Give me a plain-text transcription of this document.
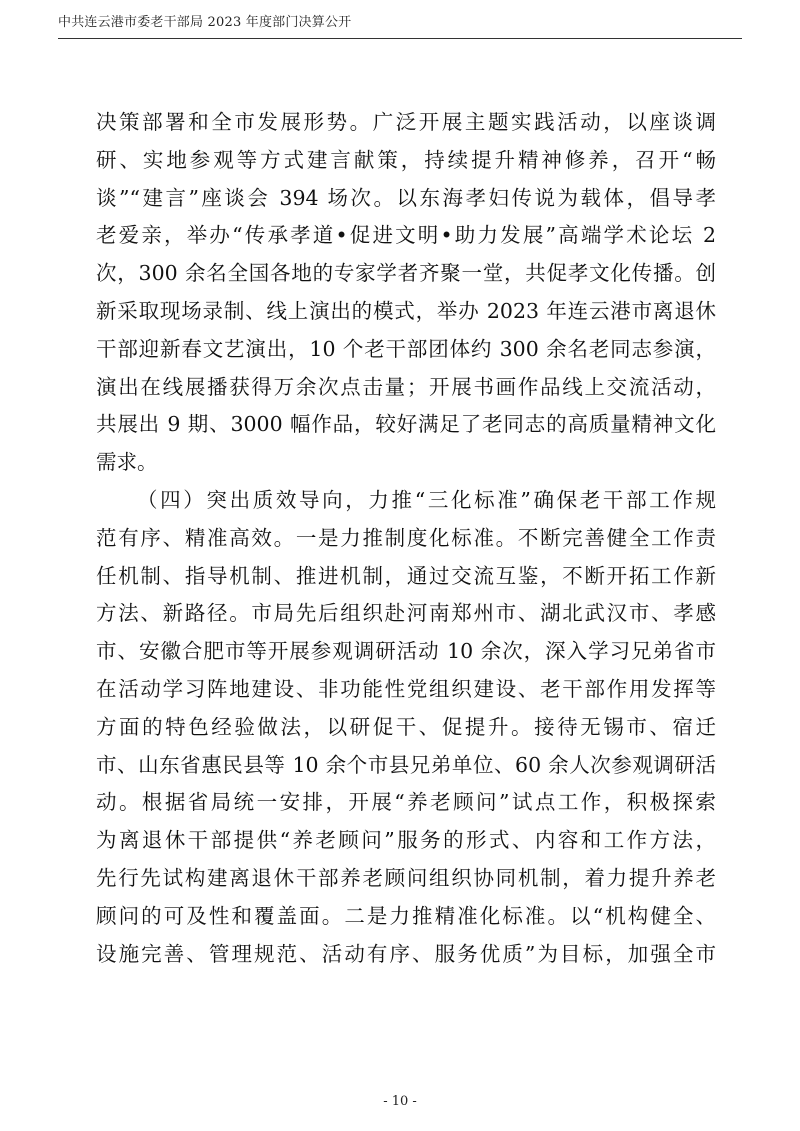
中共连云港市委老干部局 2023 年度部门决算公开
决策部署和全市发展形势。广泛开展主题实践活动，以座谈调
研、实地参观等方式建言献策，持续提升精神修养，召开“畅
谈”“建言”座谈会 394 场次。以东海孝妇传说为载体，倡导孝
老爱亲，举办“传承孝道•促进文明•助力发展”高端学术论坛 2
次，300 余名全国各地的专家学者齐聚一堂，共促孝文化传播。创
新采取现场录制、线上演出的模式，举办 2023 年连云港市离退休
干部迎新春文艺演出，10 个老干部团体约 300 余名老同志参演，
演出在线展播获得万余次点击量；开展书画作品线上交流活动，
共展出 9 期、3000 幅作品，较好满足了老同志的高质量精神文化
需求。
（四）突出质效导向，力推“三化标准”确保老干部工作规
范有序、精准高效。一是力推制度化标准。不断完善健全工作责
任机制、指导机制、推进机制，通过交流互鉴，不断开拓工作新
方法、新路径。市局先后组织赴河南郑州市、湖北武汉市、孝感
市、安徽合肥市等开展参观调研活动 10 余次，深入学习兄弟省市
在活动学习阵地建设、非功能性党组织建设、老干部作用发挥等
方面的特色经验做法，以研促干、促提升。接待无锡市、宿迁
市、山东省惠民县等 10 余个市县兄弟单位、60 余人次参观调研活
动。根据省局统一安排，开展“养老顾问”试点工作，积极探索
为离退休干部提供“养老顾问”服务的形式、内容和工作方法，
先行先试构建离退休干部养老顾问组织协同机制，着力提升养老
顾问的可及性和覆盖面。二是力推精准化标准。以“机构健全、
设施完善、管理规范、活动有序、服务优质”为目标，加强全市
- 10 -
